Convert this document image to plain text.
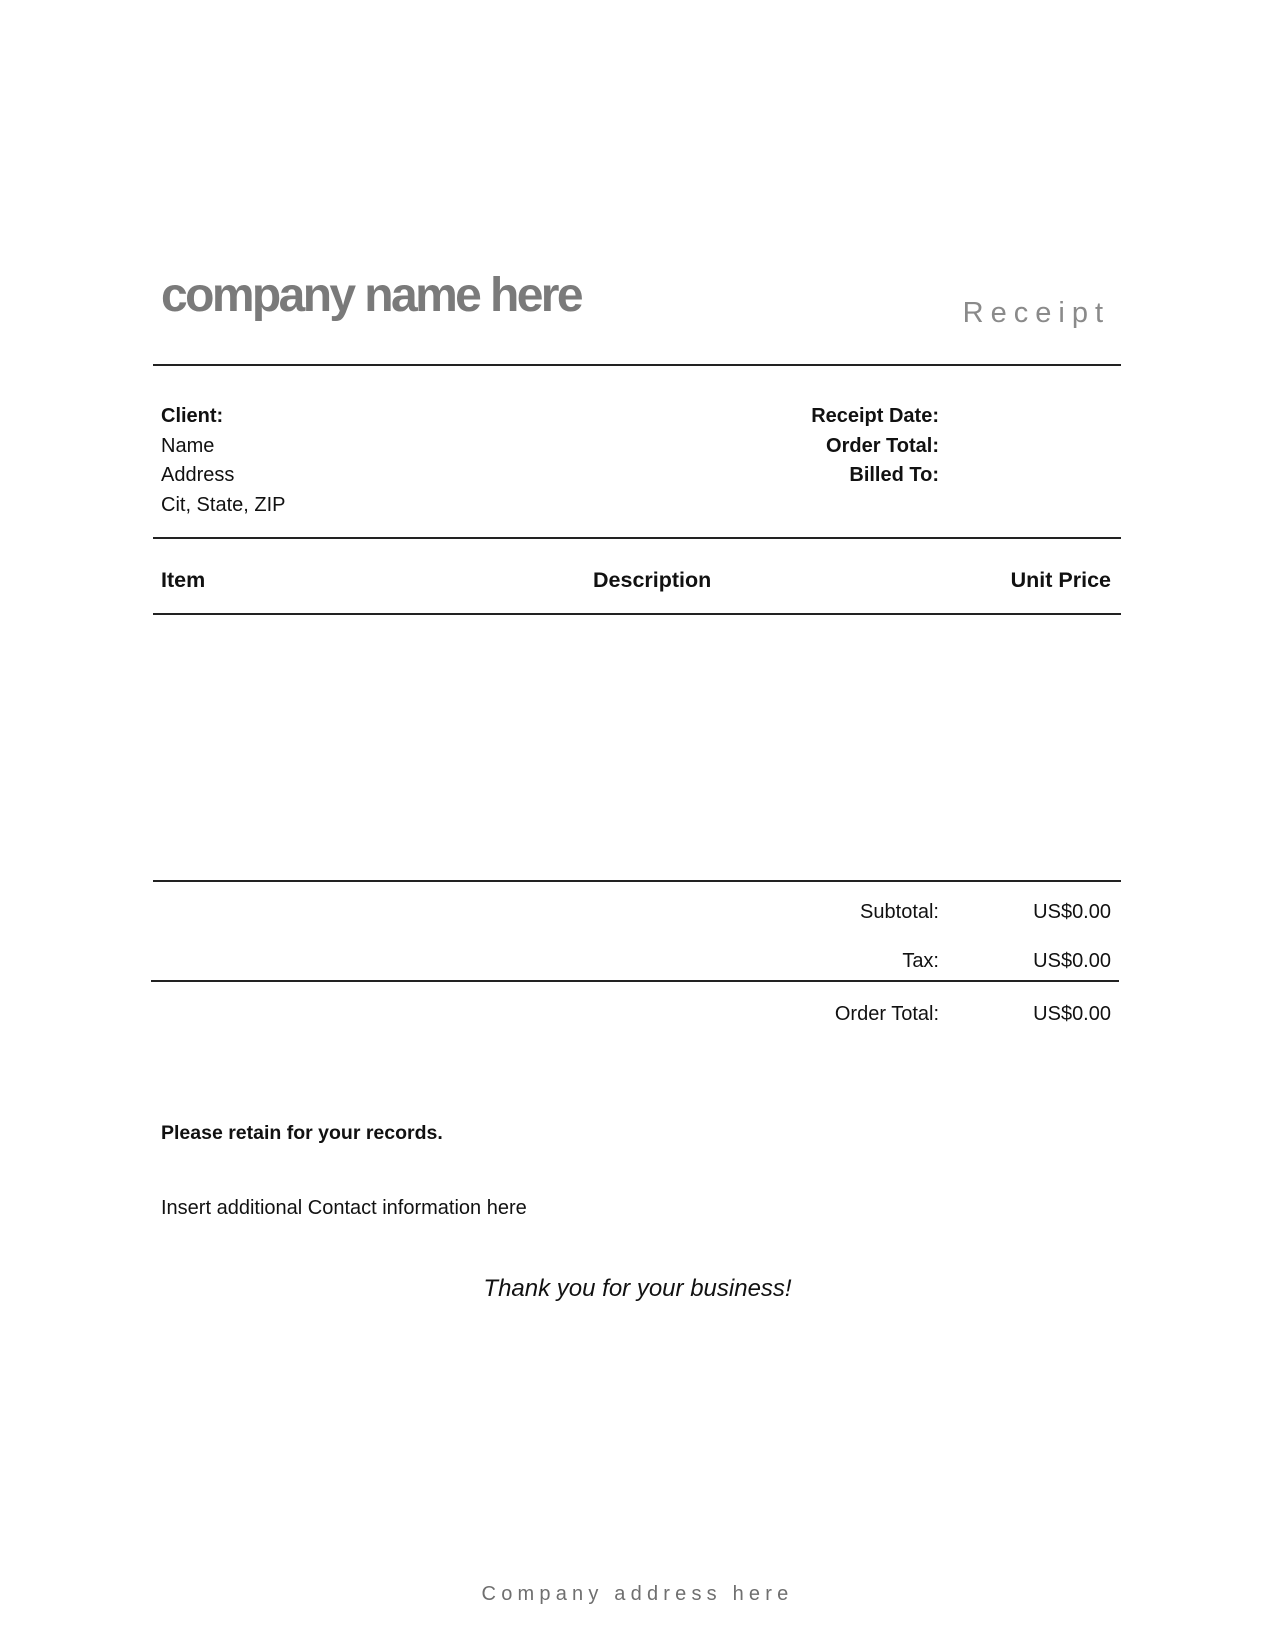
company name here	Receipt
Client:
Name
Address
Cit, State, ZIP
Receipt Date:
Order Total:
Billed To:
Item	Description	Unit Price
Subtotal:	US$0.00
Tax:	US$0.00
Order Total:	US$0.00
Please retain for your records.
Insert additional Contact information here
Thank you for your business!
Company address here
